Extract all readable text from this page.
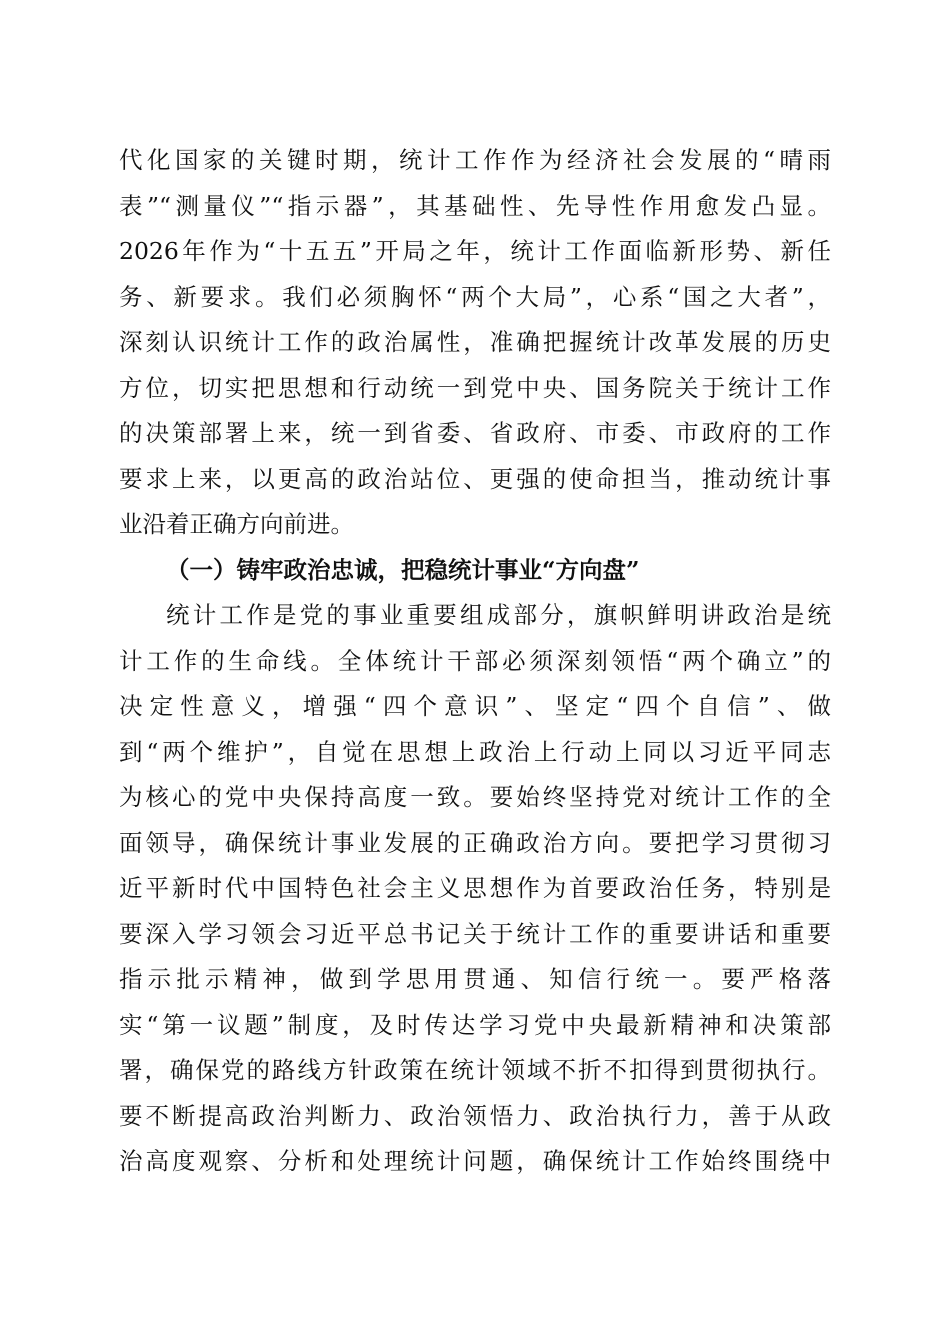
代化国家的关键时期，统计工作作为经济社会发展的“晴雨
表”“测量仪”“指示器”，其基础性、先导性作用愈发凸显。
2026年作为“十五五”开局之年，统计工作面临新形势、新任
务、新要求。我们必须胸怀“两个大局”，心系“国之大者”，
深刻认识统计工作的政治属性，准确把握统计改革发展的历史
方位，切实把思想和行动统一到党中央、国务院关于统计工作
的决策部署上来，统一到省委、省政府、市委、市政府的工作
要求上来，以更高的政治站位、更强的使命担当，推动统计事
业沿着正确方向前进。
（一）铸牢政治忠诚，把稳统计事业“方向盘”
统计工作是党的事业重要组成部分，旗帜鲜明讲政治是统
计工作的生命线。全体统计干部必须深刻领悟“两个确立”的
决定性意义，增强“四个意识”、坚定“四个自信”、做
到“两个维护”，自觉在思想上政治上行动上同以习近平同志
为核心的党中央保持高度一致。要始终坚持党对统计工作的全
面领导，确保统计事业发展的正确政治方向。要把学习贯彻习
近平新时代中国特色社会主义思想作为首要政治任务，特别是
要深入学习领会习近平总书记关于统计工作的重要讲话和重要
指示批示精神，做到学思用贯通、知信行统一。要严格落
实“第一议题”制度，及时传达学习党中央最新精神和决策部
署，确保党的路线方针政策在统计领域不折不扣得到贯彻执行。
要不断提高政治判断力、政治领悟力、政治执行力，善于从政
治高度观察、分析和处理统计问题，确保统计工作始终围绕中
